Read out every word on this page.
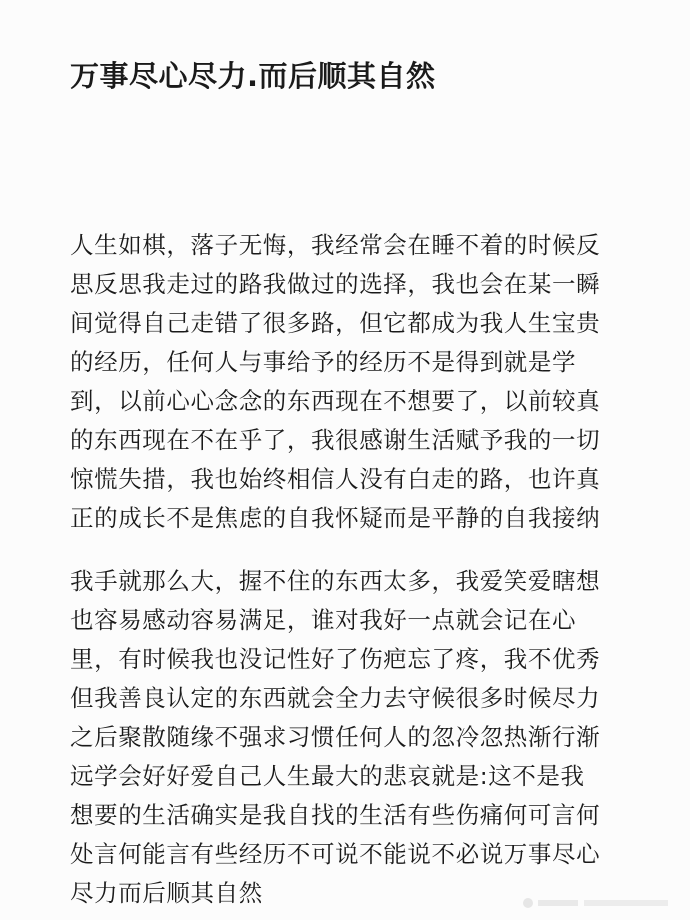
万事尽心尽力.而后顺其自然
人生如棋，落子无悔，我经常会在睡不着的时候反
思反思我走过的路我做过的选择，我也会在某一瞬
间觉得自己走错了很多路，但它都成为我人生宝贵
的经历，任何人与事给予的经历不是得到就是学
到，以前心心念念的东西现在不想要了，以前较真
的东西现在不在乎了，我很感谢生活赋予我的一切
惊慌失措，我也始终相信人没有白走的路，也许真
正的成长不是焦虑的自我怀疑而是平静的自我接纳
我手就那么大，握不住的东西太多，我爱笑爱瞎想
也容易感动容易满足，谁对我好一点就会记在心
里，有时候我也没记性好了伤疤忘了疼，我不优秀
但我善良认定的东西就会全力去守候很多时候尽力
之后聚散随缘不强求习惯任何人的忽冷忽热渐行渐
远学会好好爱自己人生最大的悲哀就是:这不是我
想要的生活确实是我自找的生活有些伤痛何可言何
处言何能言有些经历不可说不能说不必说万事尽心
尽力而后顺其自然
